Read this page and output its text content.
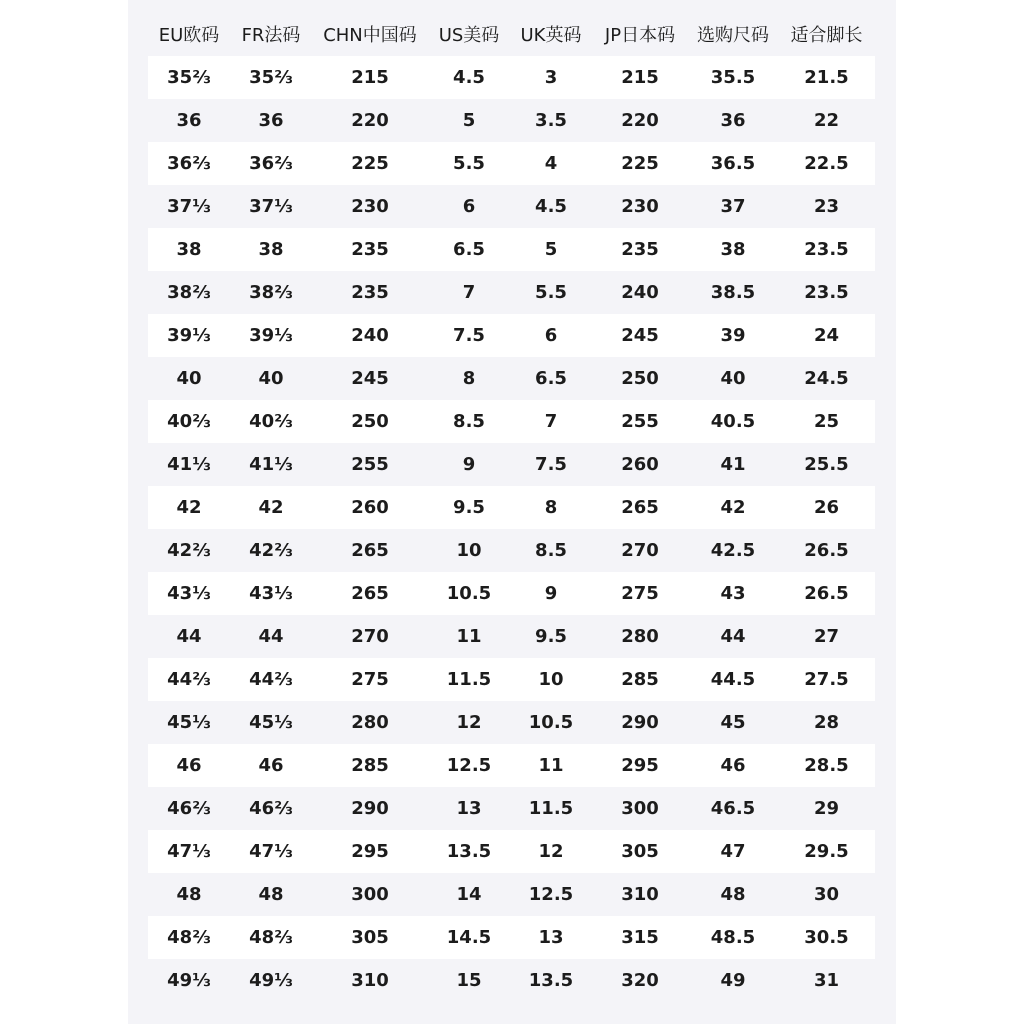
EU欧码	FR法码	CHN中国码	US美码	UK英码	JP日本码	选购尺码	适合脚长
35⅔	35⅔	215	4.5	3	215	35.5	21.5
36	36	220	5	3.5	220	36	22
36⅔	36⅔	225	5.5	4	225	36.5	22.5
37⅓	37⅓	230	6	4.5	230	37	23
38	38	235	6.5	5	235	38	23.5
38⅔	38⅔	235	7	5.5	240	38.5	23.5
39⅓	39⅓	240	7.5	6	245	39	24
40	40	245	8	6.5	250	40	24.5
40⅔	40⅔	250	8.5	7	255	40.5	25
41⅓	41⅓	255	9	7.5	260	41	25.5
42	42	260	9.5	8	265	42	26
42⅔	42⅔	265	10	8.5	270	42.5	26.5
43⅓	43⅓	265	10.5	9	275	43	26.5
44	44	270	11	9.5	280	44	27
44⅔	44⅔	275	11.5	10	285	44.5	27.5
45⅓	45⅓	280	12	10.5	290	45	28
46	46	285	12.5	11	295	46	28.5
46⅔	46⅔	290	13	11.5	300	46.5	29
47⅓	47⅓	295	13.5	12	305	47	29.5
48	48	300	14	12.5	310	48	30
48⅔	48⅔	305	14.5	13	315	48.5	30.5
49⅓	49⅓	310	15	13.5	320	49	31
